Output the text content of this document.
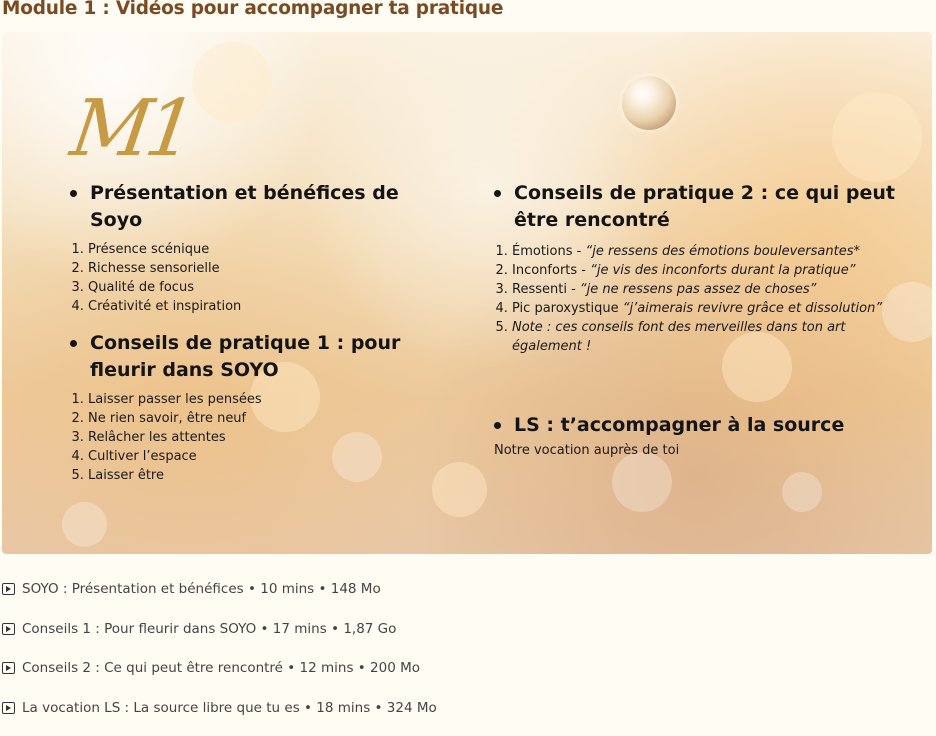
Module 1 : Vidéos pour accompagner ta pratique
M1
Présentation et bénéfices de Soyo
1. Présence scénique
2. Richesse sensorielle
3. Qualité de focus
4. Créativité et inspiration
Conseils de pratique 1 : pour fleurir dans SOYO
1. Laisser passer les pensées
2. Ne rien savoir, être neuf
3. Relâcher les attentes
4. Cultiver l’espace
5. Laisser être
Conseils de pratique 2 : ce qui peut être rencontré
1. Émotions - “je ressens des émotions bouleversantes*
2. Inconforts - “je vis des inconforts durant la pratique”
3. Ressenti - “je ne ressens pas assez de choses”
4. Pic paroxystique “j’aimerais revivre grâce et dissolution”
5. Note : ces conseils font des merveilles dans ton art également !
LS : t’accompagner à la source
Notre vocation auprès de toi
SOYO : Présentation et bénéfices • 10 mins • 148 Mo
Conseils 1 : Pour fleurir dans SOYO • 17 mins • 1,87 Go
Conseils 2 : Ce qui peut être rencontré • 12 mins • 200 Mo
La vocation LS : La source libre que tu es • 18 mins • 324 Mo
